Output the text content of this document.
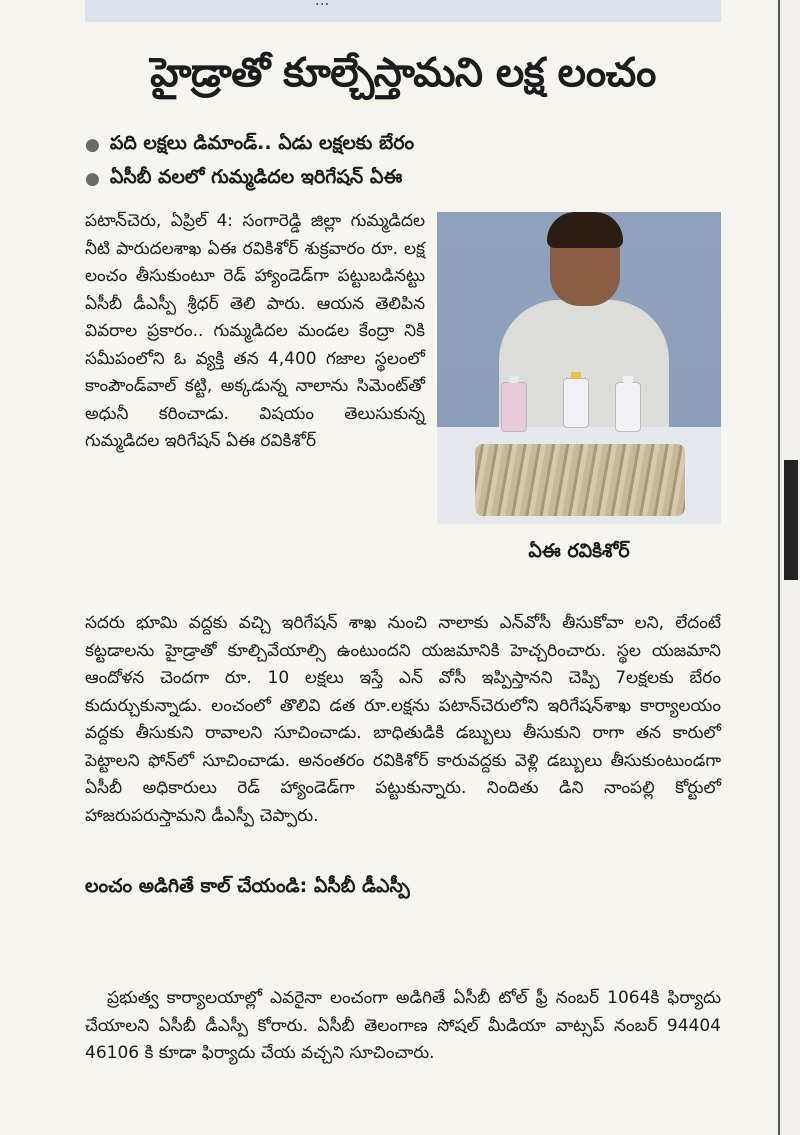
...
హైడ్రాతో కూల్చేస్తామని లక్ష లంచం
● పది లక్షలు డిమాండ్‌.. ఏడు లక్షలకు బేరం
● ఏసీబీ వలలో గుమ్మడిదల ఇరిగేషన్‌ ఏఈ

పటాన్‌చెరు, ఏప్రిల్‌ 4: సంగారెడ్డి జిల్లా గుమ్మడిదల నీటి పారుదలశాఖ ఏఈ రవికిశోర్‌ శుక్రవారం రూ. లక్ష లంచం తీసుకుంటూ రెడ్‌ హ్యాండెడ్‌గా పట్టుబడినట్టు ఏసీబీ డీఎస్పీ శ్రీధర్‌ తెలి పారు. ఆయన తెలిపిన వివరాల ప్రకారం.. గుమ్మడిదల మండల కేంద్రా నికి సమీపంలోని ఓ వ్యక్తి తన 4,400 గజాల స్థలంలో కాంపౌండ్‌వాల్‌ కట్టి, అక్కడున్న నాలాను సిమెంట్‌తో అధునీ కరించాడు. విషయం తెలుసుకున్న గుమ్మడిదల ఇరిగేషన్‌ ఏఈ రవికిశోర్‌

ఏఈ రవికిశోర్‌

సదరు భూమి వద్దకు వచ్చి ఇరిగేషన్‌ శాఖ నుంచి నాలాకు ఎన్‌వోసీ తీసుకోవా లని, లేదంటే కట్టడాలను హైడ్రాతో కూల్చివేయాల్సి ఉంటుందని యజమానికి హెచ్చరించారు. స్థల యజమాని ఆందోళన చెందగా రూ. 10 లక్షలు ఇస్తే ఎన్‌ వోసీ ఇప్పిస్తానని చెప్పి 7లక్షలకు బేరం కుదుర్చుకున్నాడు. లంచంలో తొలివి డత రూ.లక్షను పటాన్‌చెరులోని ఇరిగేషన్‌శాఖ కార్యాలయం వద్దకు తీసుకుని రావాలని సూచించాడు. బాధితుడికి డబ్బులు తీసుకుని రాగా తన కారులో పెట్టాలని ఫోన్‌లో సూచించాడు. అనంతరం రవికిశోర్‌ కారువద్దకు వెళ్లి డబ్బులు తీసుకుంటుండగా ఏసీబీ అధికారులు రెడ్‌ హ్యాండెడ్‌గా పట్టుకున్నారు. నిందితు డిని నాంపల్లి కోర్టులో హాజరుపరుస్తామని డీఎస్పీ చెప్పారు.

లంచం అడిగితే కాల్‌ చేయండి: ఏసీబీ డీఎస్పీ

ప్రభుత్వ కార్యాలయాల్లో ఎవరైనా లంచంగా అడిగితే ఏసీబీ టోల్‌ ఫ్రీ నంబర్‌ 1064కి ఫిర్యాదు చేయాలని ఏసీబీ డీఎస్పీ కోరారు. ఏసీబీ తెలంగాణ సోషల్‌ మీడియా వాట్సప్‌ నంబర్‌ 94404 46106 కి కూడా ఫిర్యాదు చేయ వచ్చని సూచించారు.
